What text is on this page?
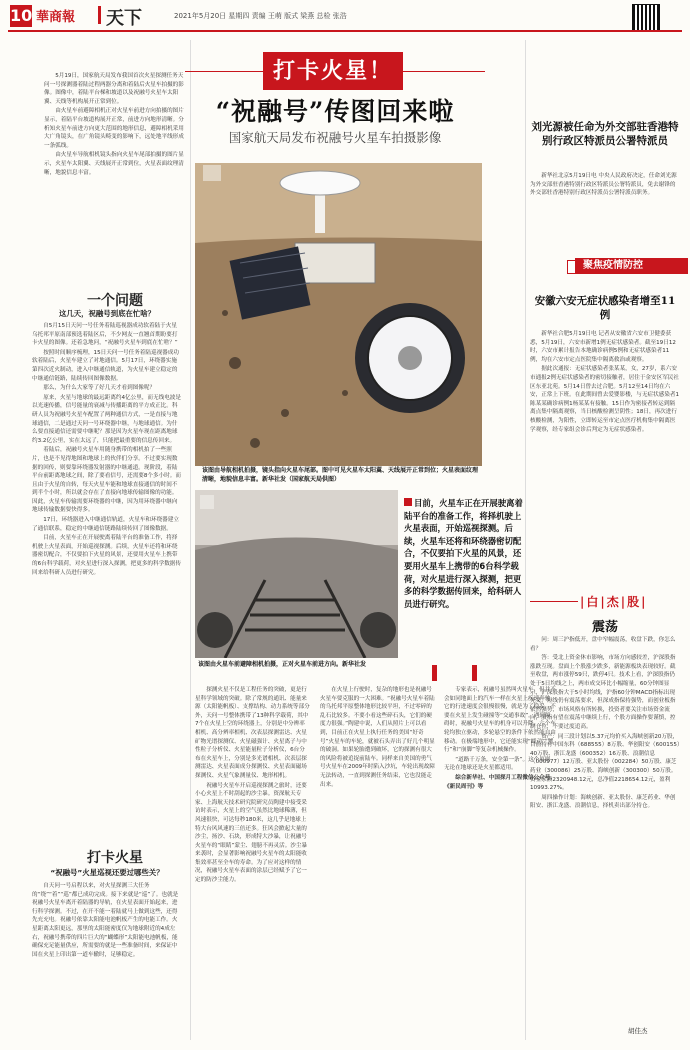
10 華商報 天下	2021年5月20日 星期四 责编 王萌 版式 梁燕 总检 张浩

5月19日，国家航天局发布我国首次火星探测任务天问一号探测器着陆过程两器分离和着陆后火星车拍摄的影像。图像中，着陆平台梯和坡道以及祝融号火星车太阳翼、天线等机构展开正常到位。

由火星车前避障相机正对火星车前进方向拍摄的图片显示，着陆平台坡道构展开正常，前进方向地形清晰。分析知火星车前进方向更大范围的地形信息，避障相机采用大广角镜头，在广角镜头畸变的影响下，远处地平线形成一条弧线。

由火星车导航相机镜头指向火星车尾部拍摄的图片显示，火星车太阳翼、天线展开正常到位，火星表面纹理清晰，地貌信息丰富。

一个问题
这几天，祝融号到底在忙啥？

自5月15日天问一号任务着陆巡视器成功软着陆于火星乌托邦平原南部预选着陆区后，不少网友一直翘首期盼要打卡火星的图像。还着急地问，“祝融号火星车到底在忙啥？”

按照时间顺序梳理，15日天问一号任务着陆巡视器成功软着陆后，火星车建立了对地通信。5月17日，环绕器实施第四次近火制动，进入中继通信轨道，为火星车建立稳定的中继通信链路，陆续传回图像数据。

那么，为什么大家等了好几天才看到图像呢？

原来，火星与地球的最远距离约4亿公里，而无线电波是以光速传播，信号能量的衰减与传播距离的平方成正比。科研人员为祝融号火星车配置了两种通信方式，一是直接与地球通信，二是通过天问一号环绕器中继，与地球通信。为什么要直接通信还需要中继呢？那是因为火星车现在距离地球约3.2亿公里，实在太远了，只能把最重要的信息传回来。

着陆后，祝融号火星车用随身携带的相机拍了一些照片，也是不见得地图和地球上的伙伴们分享。不过要实现数据的回传，则要靠环绕器发射器的中继通道。现阶段，着陆平台前距离地球之间，除了要看信号，还需要8个多小时。而且由于火星的自转，每天火星车能和地球直接通信的时间不到半个小时，所以就会存在了直接向地球传输图像的功能。因此，火星车传输需要环绕器的中继，因为用环绕器中继向地球传输数据要快得多。

17日，环绕器进入中继通信轨道，火星车和环绕器建立了通信联系，稳定的中继通信链路陆续传回了图像数据。

目前，火星车正在开展驶离着陆平台的准备工作，将择机驶上火星表面，开始巡视探测。后续，火星车还将和环绕器密切配合，不仅要拍下火星的风景，还要用火星车上携带的6台科学载荷，对火星进行深入探测，把更多的科学数据传回来给科研人员进行研究。

打卡火星
“祝融号”火星巡视还要过哪些关？

自天问一号启程以来，对火星探测三大任务的“绕”“着”“巡”都已成功完成。接下来就是“巡”了。也就是祝融号火星车离开着陆器的导轨，在火星表面开始起来，进行科学探测。不过，在开不能一着陆就马上做到这些，还得先充充电。祝融号依靠太阳能电池帆板产生的电能工作。火星距离太阳更远，那里的太阳能密度仅为地球附近的4成左右，祝融号携带的四片巨大的“蝴蝶形”太阳能电池帆板，能确保充足能量供应，所需要的就是一些准备时间，来保证中国在火星上印出第一道车辙时，足够稳定。

打卡火星！
“祝融号”传图回来啦
国家航天局发布祝融号火星车拍摄影像
该图由导航相机拍摄，镜头指向火星车尾部。图中可见火星车太阳翼、天线展开正常到位；火星表面纹理清晰，地貌信息丰富。新华社发（国家航天局供图）
该图由火星车前避障相机拍摄，正对火星车前进方向。新华社发
目前，火星车正在开展驶离着陆平台的准备工作，将择机驶上火星表面，开始巡视探测。后续，火星车还将和环绕器密切配合，不仅要拍下火星的风景，还要用火星车上携带的6台科学载荷，对火星进行深入探测，把更多的科学数据传回来，给科研人员进行研究。

探测火星不仅是工程任务的突破，更是行星科学领域的突破。除了常规的通讯、能量来源（太阳能帆板）、支撑结构、动力系统等部分外，天问一号整体携带了13种科学载荷，其中7个在火星上空的环绕器上，分别是中分辨率相机、高分辨率相机、次表层探测雷达、火星矿物光谱探测仪、火星磁强计、火星离子与中性粒子分析仪、火星能量粒子分析仪，6台分布在火星车上，分别是多光谱相机、次表层探测雷达、火星表面成分探测仪、火星表面磁场探测仪、火星气象测量仪、地形相机。

祝融号火星车开启巡视探测之旅时，还要小心火星上不时刮起的沙尘暴。资深航天专家、上海航天技术研究院研究员陶建中接受采访时表示，火星上的空气虽然比地球稀薄，但风速很快，可达每秒180米，这几乎是地球上特大台风风速的三倍还多。狂风会掀起大量的沙尘，扬沙、石块，形成特大沙暴，让祝融号火星车的“眼睛”蒙尘、翅膀不再灵活。沙尘暴来袭时，会显著影响祝融号火星车的太阳能收集效率甚至全车的寿命。为了应对这样的情况，祝融号火星车表面的涂层已经赋予了它一定的防沙尘能力。

在火星上行驶时，复杂的地形也是祝融号火星车要克服的一大困难。“祝融号火星车着陆的乌托邦平原整体地形比较平坦，不过零碎的乱石比较多。不要小看这些碎石头，它们的硬度力很强。”陶建中说，人们从照片上可以看到，目前正在火星上执行任务的美国“好奇号”火星车的车轮，就被石头弄出了好几个明显的破洞。如果轮胎遭到破坏，它的探测有很大的风险将被追捉前陆车。同样来自美国的勇气号火星车在2009年时陷入沙坑，车轮出现故障无法转动，一直到探测任务结束，它也没能走出来。

专家表示，祝融号虽然叫火星车，但并不会如同地面上的汽车一样在火星上疾速奔驰，它的行进速度会很慢很慢，就是为了稳妥，不要在火星上发生碰撞等“交通事故”。遇到障碍时，祝融号火星车的机身可以升降，六个车轮均独立驱动，多轮悬空的条件下依然能自由移动。在极端地形中，它还能实现“蠕动”“蟹行”和“崩脚”等复杂机械操作。

“道路千万条，安全第一条”。这个原则无论在地球还是火星都适用。

综合新华社、中国探月工程微信公众号、《新民周刊》等

刘光源被任命为外交部驻香港特别行政区特派员公署特派员

新华社北京5月19日电 中央人民政府决定，任命刘光源为外交部驻香港特别行政区特派员公署特派员，免去谢锋的外交部驻香港特别行政区特派员公署特派员职务。

聚焦疫情防控
安徽六安无症状感染者增至11例

新华社合肥5月19日电 记者从安徽省六安市卫健委获悉，5月19日，六安市新增1例无症状感染者。截至19日12时，六安市累计报告本地确诊病例5例和无症状感染者11例，均在六安市定点医院集中隔离救治或观察。

据此次通报：无症状感染者张某某，女，27岁，系六安市通报2例无症状感染者的密切接触者，居住于金安区军民社区东亚北苑。5月14日曾去过合肥。5月12至14日均在六安，正常上下班。在此期间曾去爱婴影楼，与无症状感染者1陈某某确诊病例1杨某某有接触。15日作为密接者转运到隔离点集中隔离观察，当日核酸检测呈阴性；18日，再次进行核酸检测，为阳性，立即转运至市定点医疗机构集中隔离医学观察，经专家组会诊后判定为无症状感染者。

|白|杰|股|
震荡

问：周三沪指低开，盘中窄幅震荡，收盘下跌，你怎么看？

答：受北上资金休市影响，市场方向感较差，沪深股指涨跌互现。盘面上个股涨少跌多，新能源板块表现较好。截至收盘，两市涨停59只，跌停4只。技术上看，沪深股指仍处于5日均线之上，两市成交环比小幅缩量，60分钟图显示，沪深股指大于5小时均线，沪指60分钟MACD指标出现死叉，短线仍有震荡要求，但深成指保持强势，而创业板指依然强势，市场风格有所转换，投资者要关注市场资金流向，股指有望在震荡中继续上行，个股方面操作要谨慎，控制仓位，不要过度追高。

资产：同三段计划以5.37元均价买入海峡创新20万股，目前持有中国东科（688555）8万股、华创阳安（600155）40万股、浙江龙盛（600352）16万股、浪潮信息（000977）12万股、亚太股份（002284）50万股、康芝药业（300086）25万股、海峡创新（300300）50万股。资金余额2320948.12元，总净值2218654.12元，盈利10993.27%。

周四操作计划：海峡创新、亚太股份、康芝药业、华创阳安、浙江龙盛、浪潮信息，择机卖出部分持仓。

胡佳杰
